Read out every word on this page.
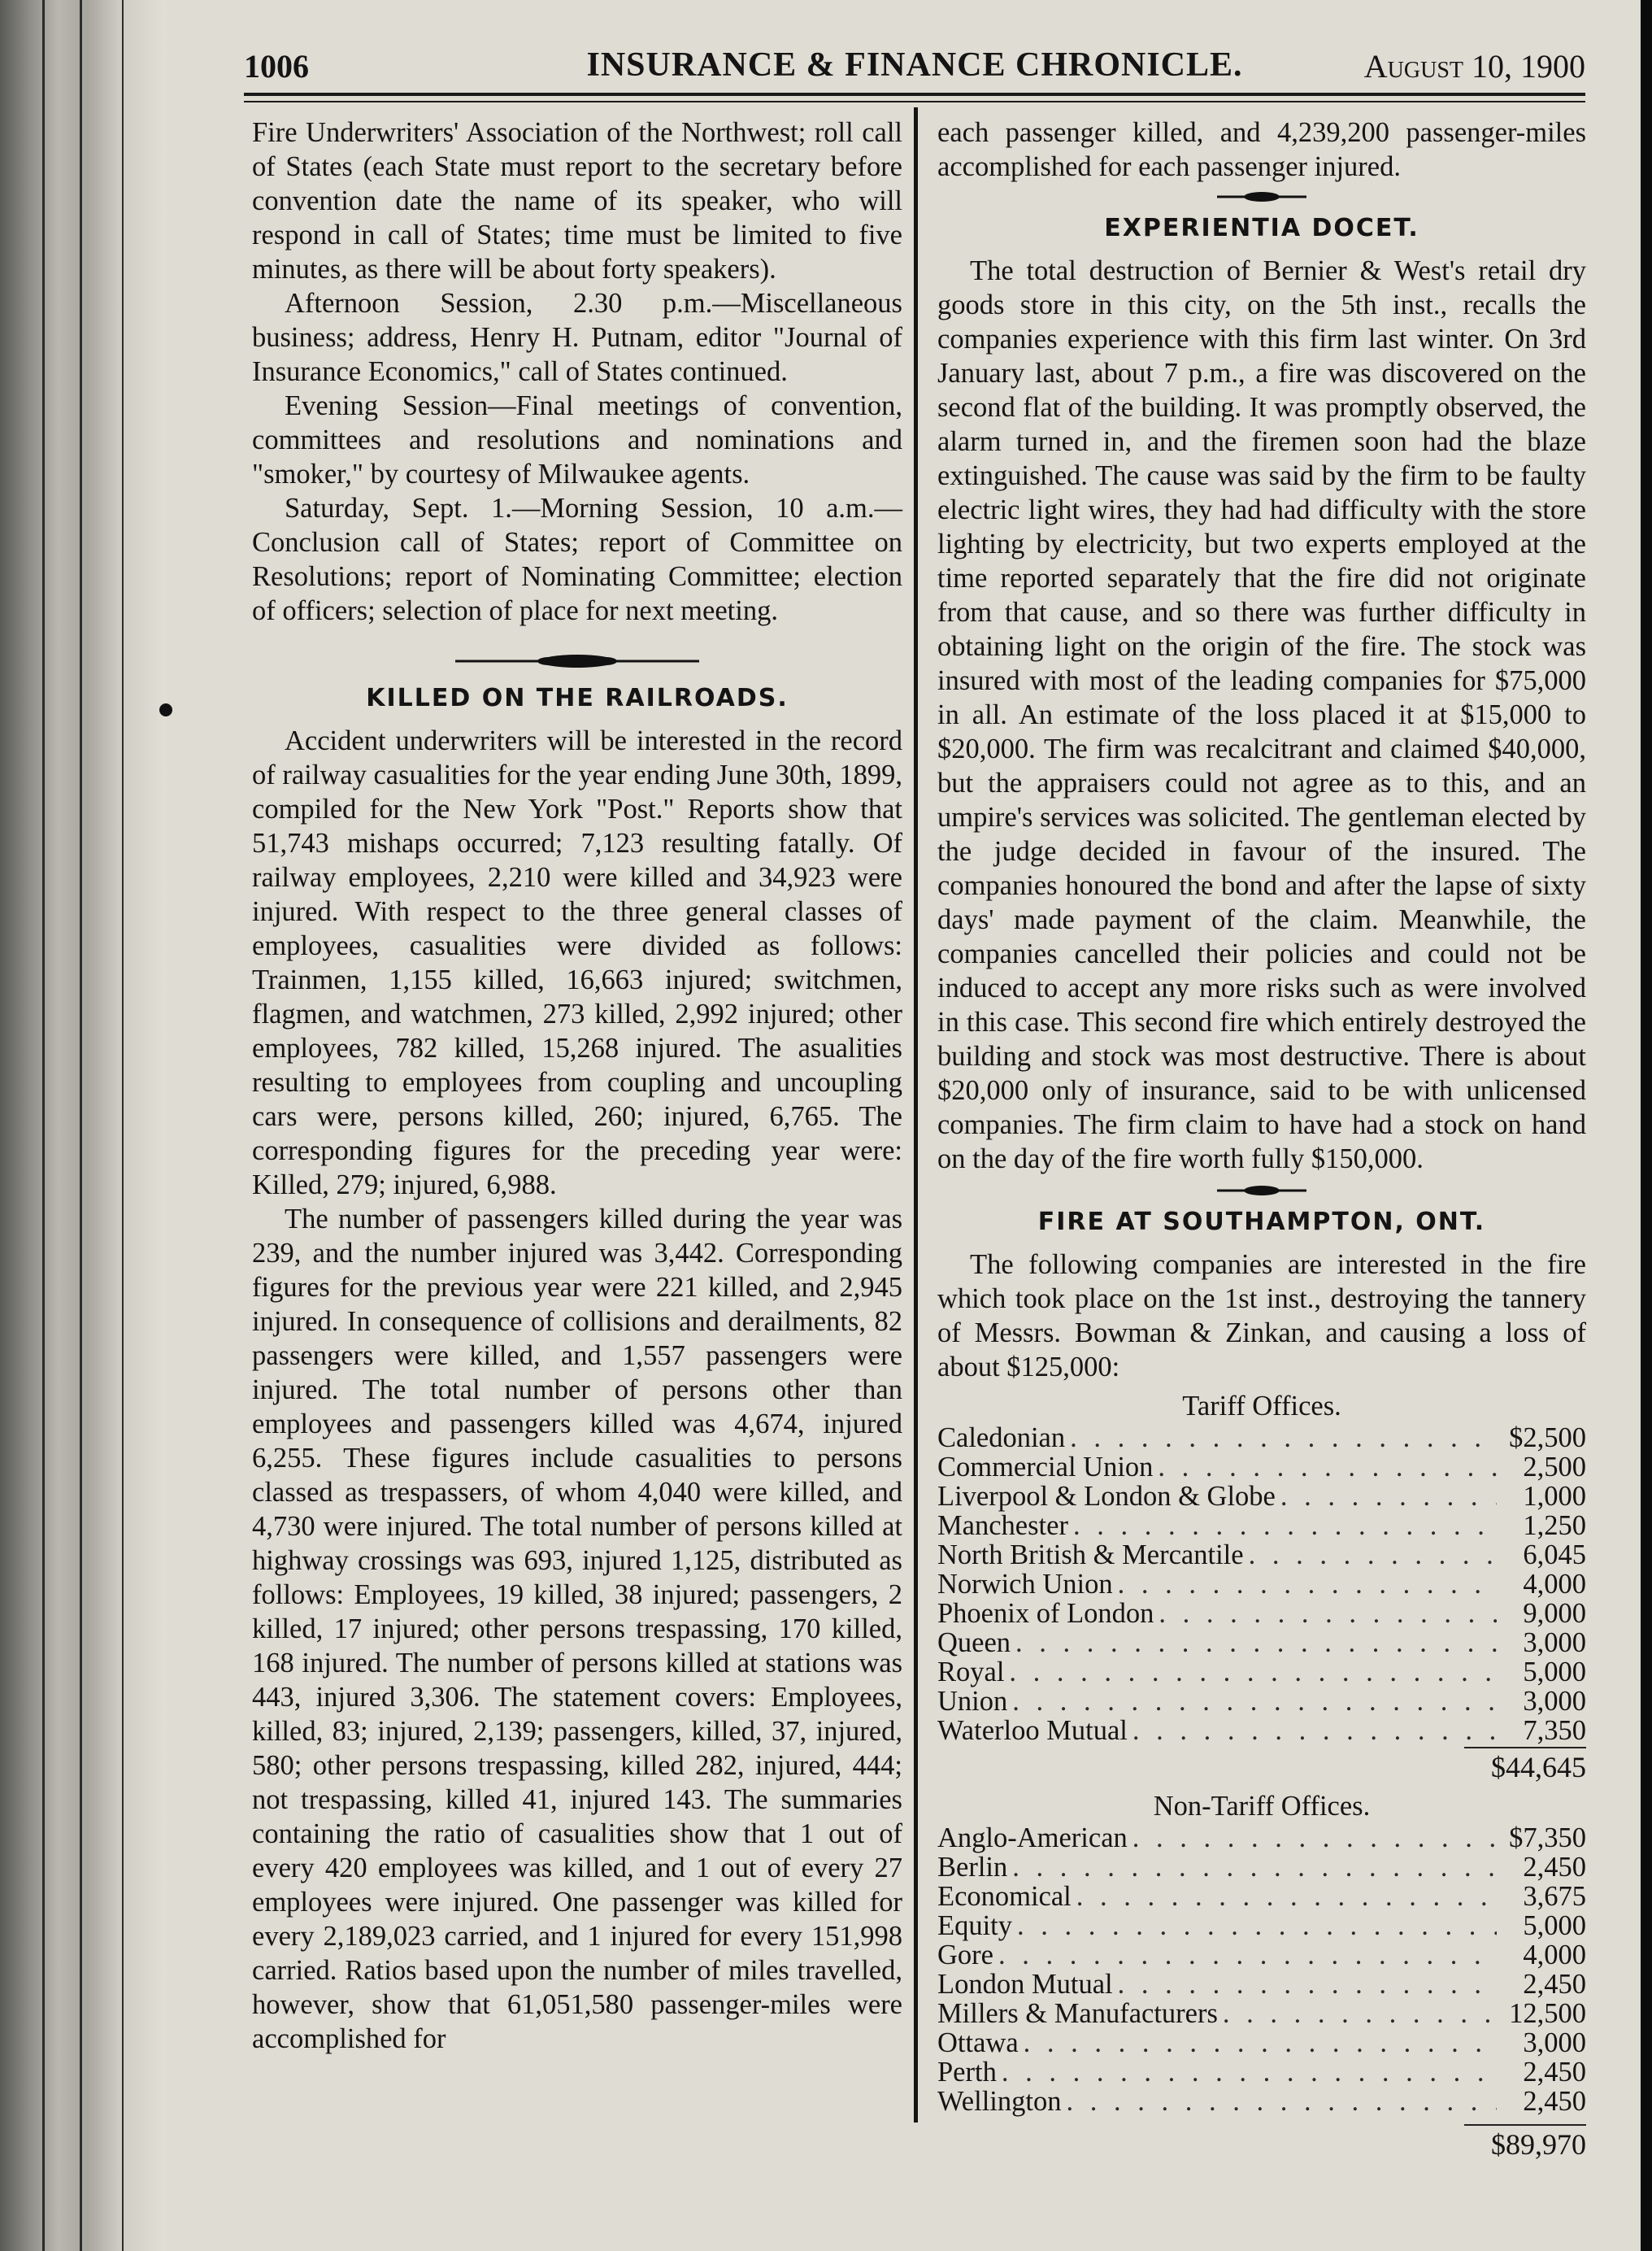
1006	INSURANCE & FINANCE CHRONICLE.	August 10, 1900

Fire Underwriters' Association of the Northwest; roll call of States (each State must report to the secretary before convention date the name of its speaker, who will respond in call of States; time must be limited to five minutes, as there will be about forty speakers).

Afternoon Session, 2.30 p.m.—Miscellaneous business; address, Henry H. Putnam, editor "Journal of Insurance Economics," call of States continued.

Evening Session—Final meetings of convention, committees and resolutions and nominations and "smoker," by courtesy of Milwaukee agents.

Saturday, Sept. 1.—Morning Session, 10 a.m.—Conclusion call of States; report of Committee on Resolutions; report of Nominating Committee; election of officers; selection of place for next meeting.

KILLED ON THE RAILROADS.

Accident underwriters will be interested in the record of railway casualities for the year ending June 30th, 1899, compiled for the New York "Post." Reports show that 51,743 mishaps occurred; 7,123 resulting fatally. Of railway employees, 2,210 were killed and 34,923 were injured. With respect to the three general classes of employees, casualities were divided as follows: Trainmen, 1,155 killed, 16,663 injured; switchmen, flagmen, and watchmen, 273 killed, 2,992 injured; other employees, 782 killed, 15,268 injured. The asualities resulting to employees from coupling and uncoupling cars were, persons killed, 260; injured, 6,765. The corresponding figures for the preceding year were: Killed, 279; injured, 6,988.

The number of passengers killed during the year was 239, and the number injured was 3,442. Corresponding figures for the previous year were 221 killed, and 2,945 injured. In consequence of collisions and derailments, 82 passengers were killed, and 1,557 passengers were injured. The total number of persons other than employees and passengers killed was 4,674, injured 6,255. These figures include casualities to persons classed as trespassers, of whom 4,040 were killed, and 4,730 were injured. The total number of persons killed at highway crossings was 693, injured 1,125, distributed as follows: Employees, 19 killed, 38 injured; passengers, 2 killed, 17 injured; other persons trespassing, 170 killed, 168 injured. The number of persons killed at stations was 443, injured 3,306. The statement covers: Employees, killed, 83; injured, 2,139; passengers, killed, 37, injured, 580; other persons trespassing, killed 282, injured, 444; not trespassing, killed 41, injured 143. The summaries containing the ratio of casualities show that 1 out of every 420 employees was killed, and 1 out of every 27 employees were injured. One passenger was killed for every 2,189,023 carried, and 1 injured for every 151,998 carried. Ratios based upon the number of miles travelled, however, show that 61,051,580 passenger-miles were accomplished for

each passenger killed, and 4,239,200 passenger-miles accomplished for each passenger injured.

EXPERIENTIA DOCET.

The total destruction of Bernier & West's retail dry goods store in this city, on the 5th inst., recalls the companies experience with this firm last winter. On 3rd January last, about 7 p.m., a fire was discovered on the second flat of the building. It was promptly observed, the alarm turned in, and the firemen soon had the blaze extinguished. The cause was said by the firm to be faulty electric light wires, they had had difficulty with the store lighting by electricity, but two experts employed at the time reported separately that the fire did not originate from that cause, and so there was further difficulty in obtaining light on the origin of the fire. The stock was insured with most of the leading companies for $75,000 in all. An estimate of the loss placed it at $15,000 to $20,000. The firm was recalcitrant and claimed $40,000, but the appraisers could not agree as to this, and an umpire's services was solicited. The gentleman elected by the judge decided in favour of the insured. The companies honoured the bond and after the lapse of sixty days' made payment of the claim. Meanwhile, the companies cancelled their policies and could not be induced to accept any more risks such as were involved in this case. This second fire which entirely destroyed the building and stock was most destructive. There is about $20,000 only of insurance, said to be with unlicensed companies. The firm claim to have had a stock on hand on the day of the fire worth fully $150,000.

FIRE AT SOUTHAMPTON, ONT.

The following companies are interested in the fire which took place on the 1st inst., destroying the tannery of Messrs. Bowman & Zinkan, and causing a loss of about $125,000:

Tariff Offices.
Caledonian . . .	$2,500
Commercial Union . . .	2,500
Liverpool & London & Globe . . .	1,000
Manchester . . .	1,250
North British & Mercantile . . .	6,045
Norwich Union . . .	4,000
Phoenix of London . . .	9,000
Queen . . .	3,000
Royal . . .	5,000
Union . . .	3,000
Waterloo Mutual . . .	7,350
$44,645
Non-Tariff Offices.
Anglo-American . . .	$7,350
Berlin . . .	2,450
Economical . . .	3,675
Equity . . .	5,000
Gore . . .	4,000
London Mutual . . .	2,450
Millers & Manufacturers . . .	12,500
Ottawa . . .	3,000
Perth . . .	2,450
Wellington . . .	2,450
$89,970
